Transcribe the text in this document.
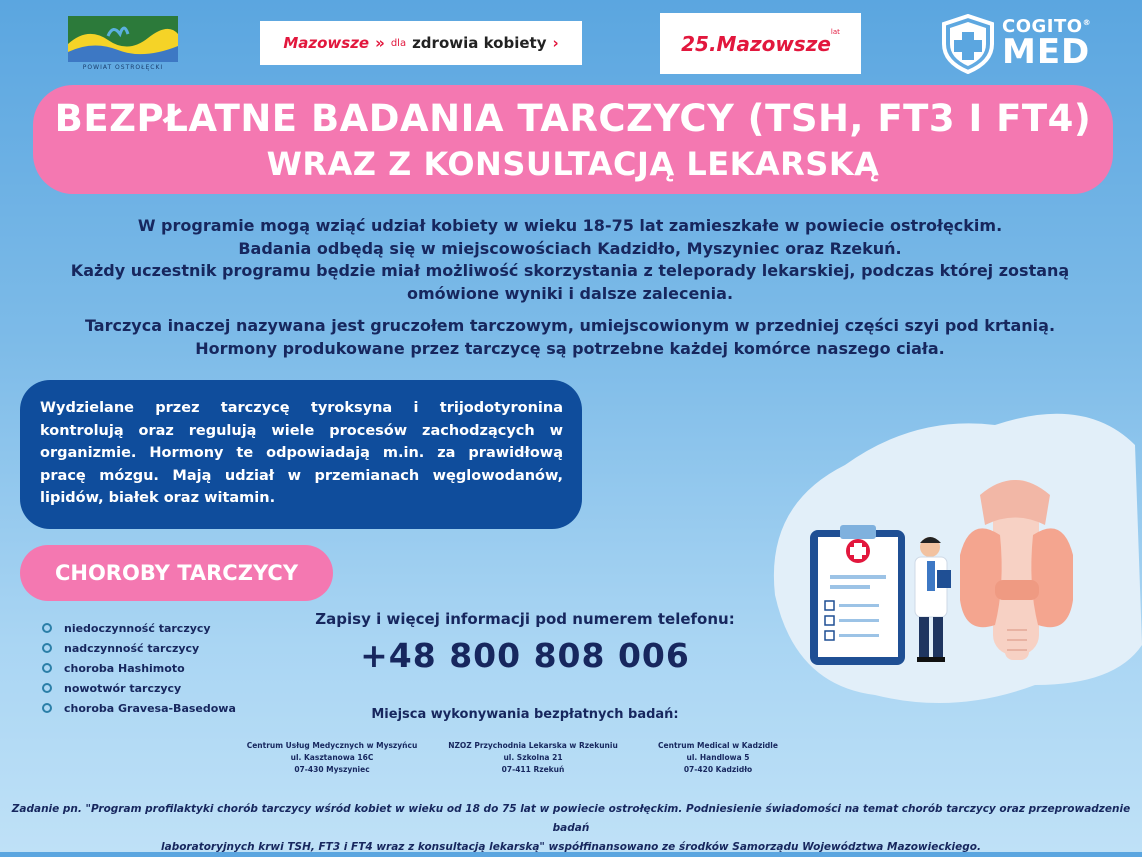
POWIAT OSTROŁĘCKI
Mazowsze » dla zdrowia kobiety ›	25.Mazowsze lat	COGITO®
MED
BEZPŁATNE BADANIA TARCZYCY (TSH, FT3 I FT4)
WRAZ Z KONSULTACJĄ LEKARSKĄ

W programie mogą wziąć udział kobiety w wieku 18-75 lat zamieszkałe w powiecie ostrołęckim.

Badania odbędą się w miejscowościach Kadzidło, Myszyniec oraz Rzekuń.

Każdy uczestnik programu będzie miał możliwość skorzystania z teleporady lekarskiej, podczas której zostaną omówione wyniki i dalsze zalecenia.

Tarczyca inaczej nazywana jest gruczołem tarczowym, umiejscowionym w przedniej części szyi pod krtanią.

Hormony produkowane przez tarczycę są potrzebne każdej komórce naszego ciała.

Wydzielane przez tarczycę tyroksyna i trijodotyronina kontrolują oraz regulują wiele procesów zachodzących w organizmie. Hormony te odpowiadają m.in. za prawidłową pracę mózgu. Mają udział w przemianach węglowodanów, lipidów, białek oraz witamin.
CHOROBY TARCZYCY
niedoczynność tarczycy
nadczynność tarczycy
choroba Hashimoto
nowotwór tarczycy
choroba Gravesa-Basedowa
Zapisy i więcej informacji pod numerem telefonu:
+48 800 808 006
Miejsca wykonywania bezpłatnych badań:
Centrum Usług Medycznych w Myszyńcu
ul. Kasztanowa 16C
07-430 Myszyniec
NZOZ Przychodnia Lekarska w Rzekuniu
ul. Szkolna 21
07-411 Rzekuń
Centrum Medical w Kadzidle
ul. Handlowa 5
07-420 Kadzidło

Zadanie pn. "Program profilaktyki chorób tarczycy wśród kobiet w wieku od 18 do 75 lat w powiecie ostrołęckim. Podniesienie świadomości na temat chorób tarczycy oraz przeprowadzenie badań

laboratoryjnych krwi TSH, FT3 i FT4 wraz z konsultacją lekarską" współfinansowano ze środków Samorządu Województwa Mazowieckiego.
